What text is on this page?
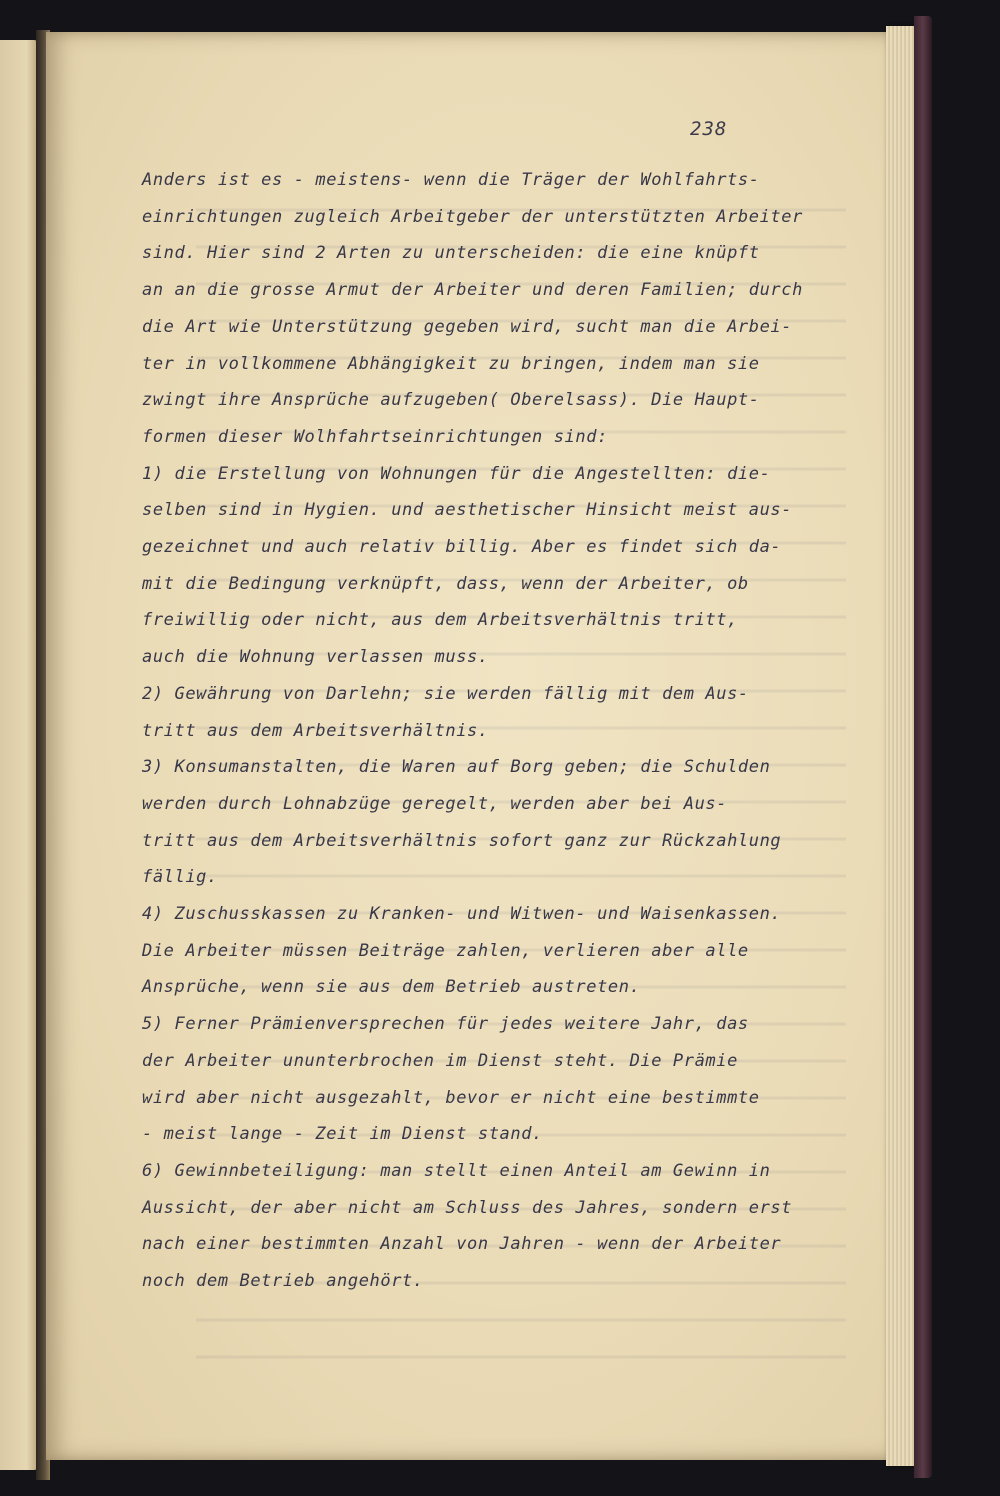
238
Anders ist es - meistens- wenn die Träger der Wohlfahrts-
einrichtungen zugleich Arbeitgeber der unterstützten Arbeiter
sind. Hier sind 2 Arten zu unterscheiden: die eine knüpft
an an die grosse Armut der Arbeiter und deren Familien; durch
die Art wie Unterstützung gegeben wird, sucht man die Arbei-
ter in vollkommene Abhängigkeit zu bringen, indem man sie
zwingt ihre Ansprüche aufzugeben( Oberelsass). Die Haupt-
formen dieser Wolhfahrtseinrichtungen sind:
1) die Erstellung von Wohnungen für die Angestellten: die-
selben sind in Hygien. und aesthetischer Hinsicht meist aus-
gezeichnet und auch relativ billig. Aber es findet sich da-
mit die Bedingung verknüpft, dass, wenn der Arbeiter, ob
freiwillig oder nicht, aus dem Arbeitsverhältnis tritt,
auch die Wohnung verlassen muss.
2) Gewährung von Darlehn; sie werden fällig mit dem Aus-
tritt aus dem Arbeitsverhältnis.
3) Konsumanstalten, die Waren auf Borg geben; die Schulden
werden durch Lohnabzüge geregelt, werden aber bei Aus-
tritt aus dem Arbeitsverhältnis sofort ganz zur Rückzahlung
fällig.
4) Zuschusskassen zu Kranken- und Witwen- und Waisenkassen.
Die Arbeiter müssen Beiträge zahlen, verlieren aber alle
Ansprüche, wenn sie aus dem Betrieb austreten.
5) Ferner Prämienversprechen für jedes weitere Jahr, das
der Arbeiter ununterbrochen im Dienst steht. Die Prämie
wird aber nicht ausgezahlt, bevor er nicht eine bestimmte
- meist lange - Zeit im Dienst stand.
6) Gewinnbeteiligung: man stellt einen Anteil am Gewinn in
Aussicht, der aber nicht am Schluss des Jahres, sondern erst
nach einer bestimmten Anzahl von Jahren - wenn der Arbeiter
noch dem Betrieb angehört.
